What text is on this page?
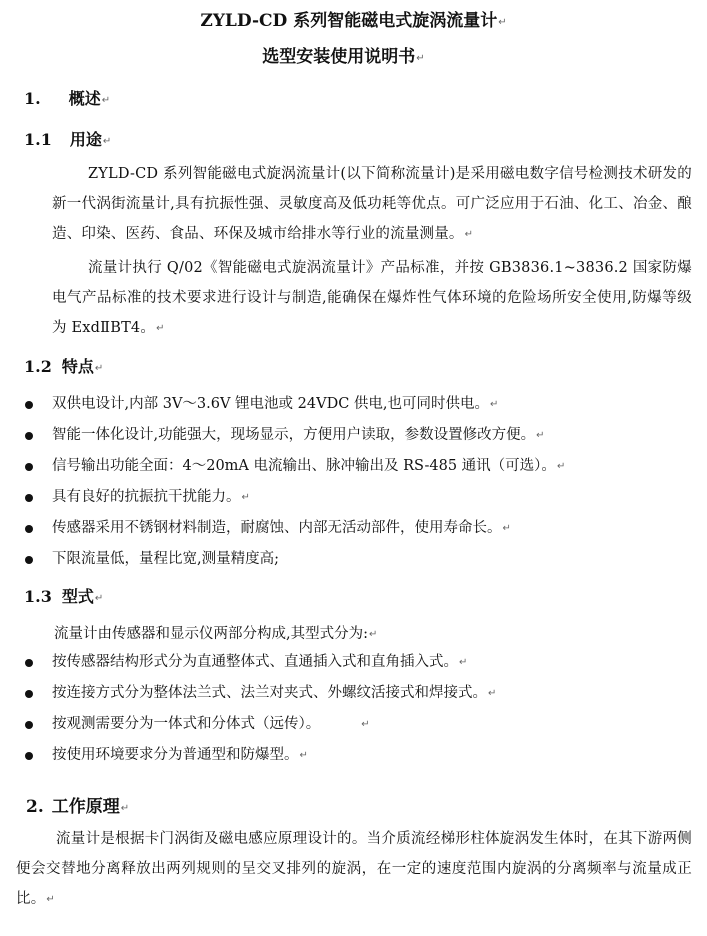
ZYLD-CD 系列智能磁电式旋涡流量计↵
选型安装使用说明书↵
1. 概述↵
1.1 用途↵
ZYLD-CD 系列智能磁电式旋涡流量计(以下简称流量计)是采用磁电数字信号检测技术研发的新一代涡街流量计,具有抗振性强、灵敏度高及低功耗等优点。可广泛应用于石油、化工、冶金、酿造、印染、医药、食品、环保及城市给排水等行业的流量测量。↵
流量计执行 Q/02《智能磁电式旋涡流量计》产品标准，并按 GB3836.1~3836.2 国家防爆电气产品标准的技术要求进行设计与制造,能确保在爆炸性气体环境的危险场所安全使用,防爆等级为 ExdⅡBT4。↵
1.2 特点↵
双供电设计,内部 3V～3.6V 锂电池或 24VDC 供电,也可同时供电。↵
智能一体化设计,功能强大，现场显示，方便用户读取，参数设置修改方便。↵
信号输出功能全面：4～20mA 电流输出、脉冲输出及 RS-485 通讯（可选）。↵
具有良好的抗振抗干扰能力。↵
传感器采用不锈钢材料制造，耐腐蚀、内部无活动部件，使用寿命长。↵
下限流量低，量程比宽,测量精度高;
1.3 型式↵
流量计由传感器和显示仪两部分构成,其型式分为:↵
按传感器结构形式分为直通整体式、直通插入式和直角插入式。↵
按连接方式分为整体法兰式、法兰对夹式、外螺纹活接式和焊接式。↵
按观测需要分为一体式和分体式（远传）。	↵
按使用环境要求分为普通型和防爆型。↵
2. 工作原理↵
流量计是根据卡门涡街及磁电感应原理设计的。当介质流经梯形柱体旋涡发生体时，在其下游两侧便会交替地分离释放出两列规则的呈交叉排列的旋涡，在一定的速度范围内旋涡的分离频率与流量成正比。↵
